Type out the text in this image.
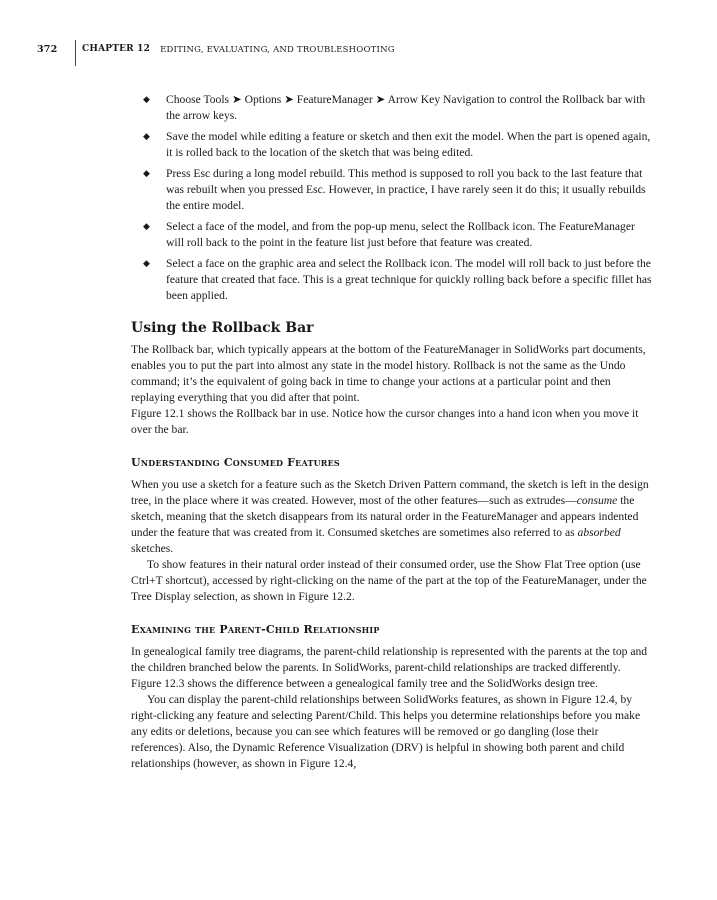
372	CHAPTER 12 EDITING, EVALUATING, AND TROUBLESHOOTING
◆ Choose Tools ➤ Options ➤ FeatureManager ➤ Arrow Key Navigation to control the Rollback bar with the arrow keys.
◆ Save the model while editing a feature or sketch and then exit the model. When the part is opened again, it is rolled back to the location of the sketch that was being edited.
◆ Press Esc during a long model rebuild. This method is supposed to roll you back to the last feature that was rebuilt when you pressed Esc. However, in practice, I have rarely seen it do this; it usually rebuilds the entire model.
◆ Select a face of the model, and from the pop-up menu, select the Rollback icon. The FeatureManager will roll back to the point in the feature list just before that feature was created.
◆ Select a face on the graphic area and select the Rollback icon. The model will roll back to just before the feature that created that face. This is a great technique for quickly rolling back before a specific fillet has been applied.
Using the Rollback Bar

The Rollback bar, which typically appears at the bottom of the FeatureManager in SolidWorks part documents, enables you to put the part into almost any state in the model history. Rollback is not the same as the Undo command; it’s the equivalent of going back in time to change your actions at a particular point and then replaying everything that you did after that point.

Figure 12.1 shows the Rollback bar in use. Notice how the cursor changes into a hand icon when you move it over the bar.

Understanding Consumed Features

When you use a sketch for a feature such as the Sketch Driven Pattern command, the sketch is left in the design tree, in the place where it was created. However, most of the other features—such as extrudes—consume the sketch, meaning that the sketch disappears from its natural order in the FeatureManager and appears indented under the feature that was created from it. Consumed sketches are sometimes also referred to as absorbed sketches.

To show features in their natural order instead of their consumed order, use the Show Flat Tree option (use Ctrl+T shortcut), accessed by right-clicking on the name of the part at the top of the FeatureManager, under the Tree Display selection, as shown in Figure 12.2.

Examining the Parent-Child Relationship

In genealogical family tree diagrams, the parent-child relationship is represented with the parents at the top and the children branched below the parents. In SolidWorks, parent-child relationships are tracked differently. Figure 12.3 shows the difference between a genealogical family tree and the SolidWorks design tree.

You can display the parent-child relationships between SolidWorks features, as shown in Figure 12.4, by right-clicking any feature and selecting Parent/Child. This helps you determine relationships before you make any edits or deletions, because you can see which features will be removed or go dangling (lose their references). Also, the Dynamic Reference Visualization (DRV) is helpful in showing both parent and child relationships (however, as shown in Figure 12.4,
